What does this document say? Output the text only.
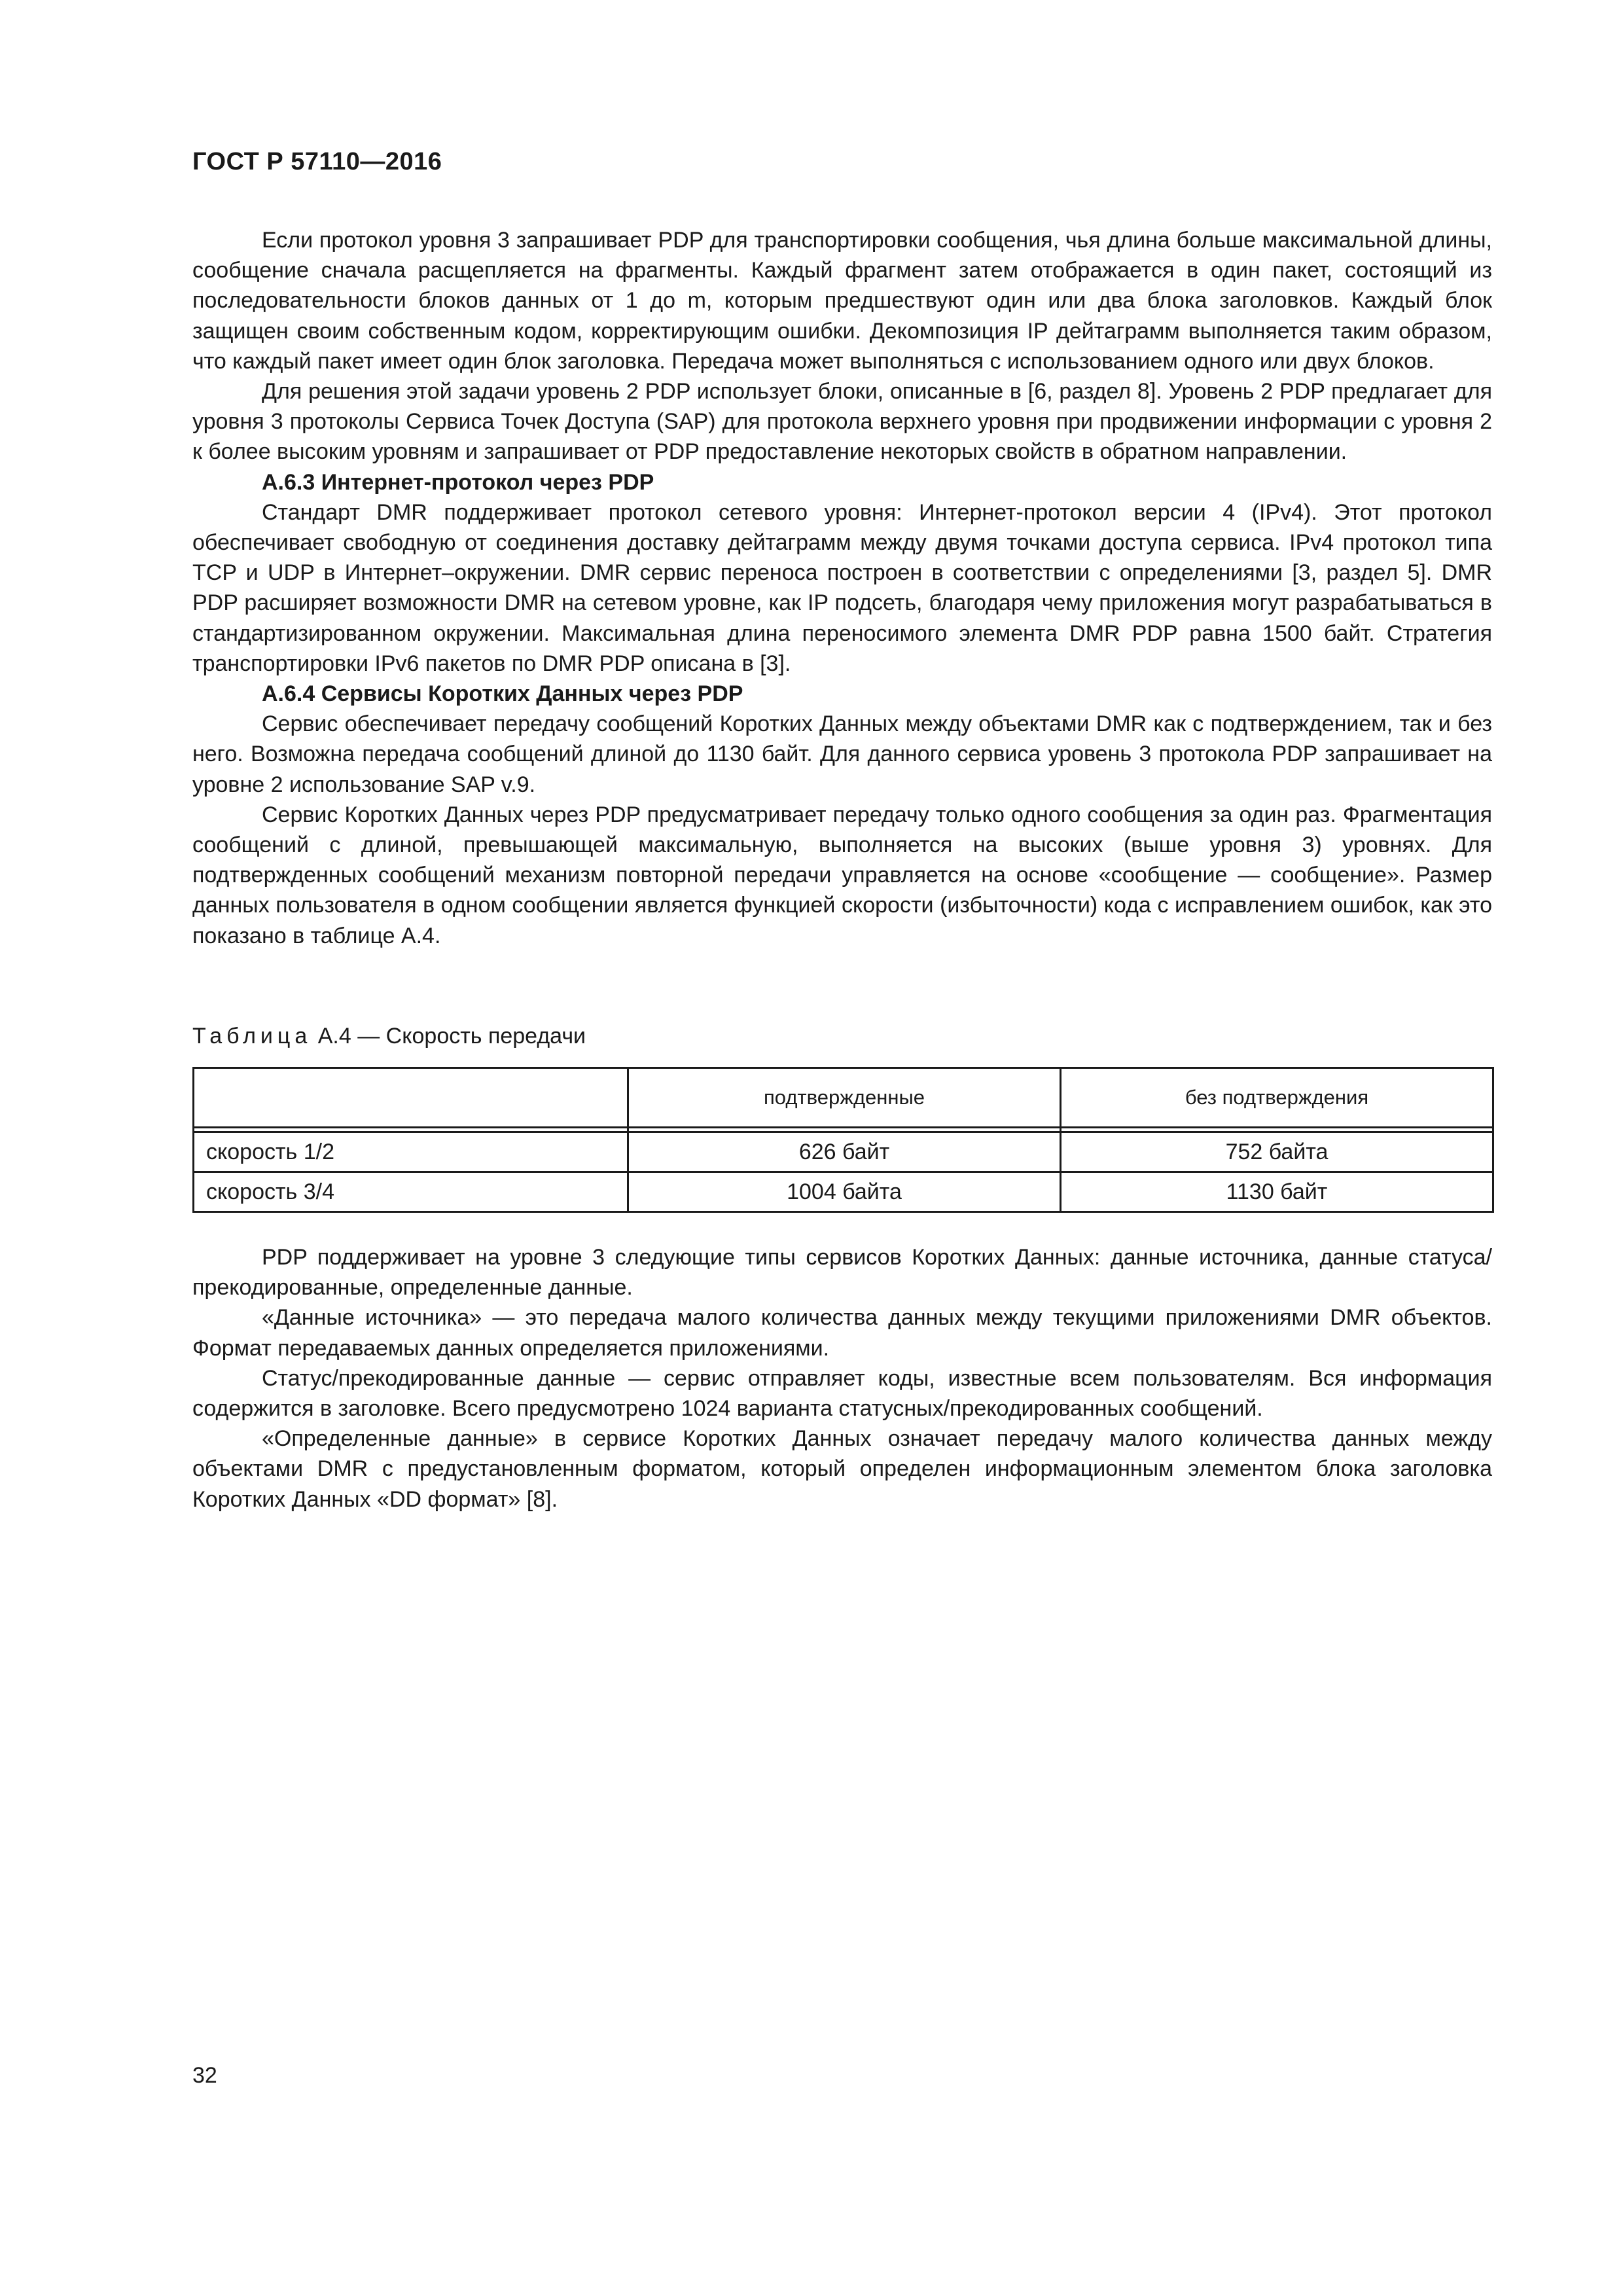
ГОСТ Р 57110—2016

Если протокол уровня 3 запрашивает PDP для транспортировки сообщения, чья длина больше максимальной длины, сообщение сначала расщепляется на фрагменты. Каждый фрагмент затем отображается в один пакет, состоящий из последовательности блоков данных от 1 до m, которым предшествуют один или два блока заголовков. Каждый блок защищен своим собственным кодом, корректирующим ошибки. Декомпозиция IP дейтаграмм выполняется таким образом, что каждый пакет имеет один блок заголовка. Передача может выполняться с использованием одного или двух блоков.

Для решения этой задачи уровень 2 PDP использует блоки, описанные в [6, раздел 8]. Уровень 2 PDP предлагает для уровня 3 протоколы Сервиса Точек Доступа (SAP) для протокола верхнего уровня при продвижении информации с уровня 2 к более высоким уровням и запрашивает от PDP предоставление некоторых свойств в обратном направлении.

А.6.3 Интернет-протокол через PDP

Стандарт DMR поддерживает протокол сетевого уровня: Интернет-протокол версии 4 (IPv4). Этот протокол обеспечивает свободную от соединения доставку дейтаграмм между двумя точками доступа сервиса. IPv4 протокол типа TCP и UDP в Интернет–окружении. DMR сервис переноса построен в соответствии с определениями [3, раздел 5]. DMR PDP расширяет возможности DMR на сетевом уровне, как IP подсеть, благодаря чему приложения могут разрабатываться в стандартизированном окружении. Максимальная длина переносимого элемента DMR PDP равна 1500 байт. Стратегия транспортировки IPv6 пакетов по DMR PDP описана в [3].

А.6.4 Сервисы Коротких Данных через PDP

Сервис обеспечивает передачу сообщений Коротких Данных между объектами DMR как с подтверждением, так и без него. Возможна передача сообщений длиной до 1130 байт. Для данного сервиса уровень 3 протокола PDP запрашивает на уровне 2 использование SAP v.9.

Сервис Коротких Данных через PDP предусматривает передачу только одного сообщения за один раз. Фрагментация сообщений с длиной, превышающей максимальную, выполняется на высоких (выше уровня 3) уровнях. Для подтвержденных сообщений механизм повторной передачи управляется на основе «сообщение — сообщение». Размер данных пользователя в одном сообщении является функцией скорости (избыточности) кода с исправлением ошибок, как это показано в таблице А.4.

Таблица А.4 — Скорость передачи
	подтвержденные	без подтверждения

скорость 1/2	626 байт	752 байта
скорость 3/4	1004 байта	1130 байт

PDP поддерживает на уровне 3 следующие типы сервисов Коротких Данных: данные источника, данные статуса/прекодированные, определенные данные.

«Данные источника» — это передача малого количества данных между текущими приложениями DMR объектов. Формат передаваемых данных определяется приложениями.

Статус/прекодированные данные — сервис отправляет коды, известные всем пользователям. Вся информация содержится в заголовке. Всего предусмотрено 1024 варианта статусных/прекодированных сообщений.

«Определенные данные» в сервисе Коротких Данных означает передачу малого количества данных между объектами DMR с предустановленным форматом, который определен информационным элементом блока заголовка Коротких Данных «DD формат» [8].

32
